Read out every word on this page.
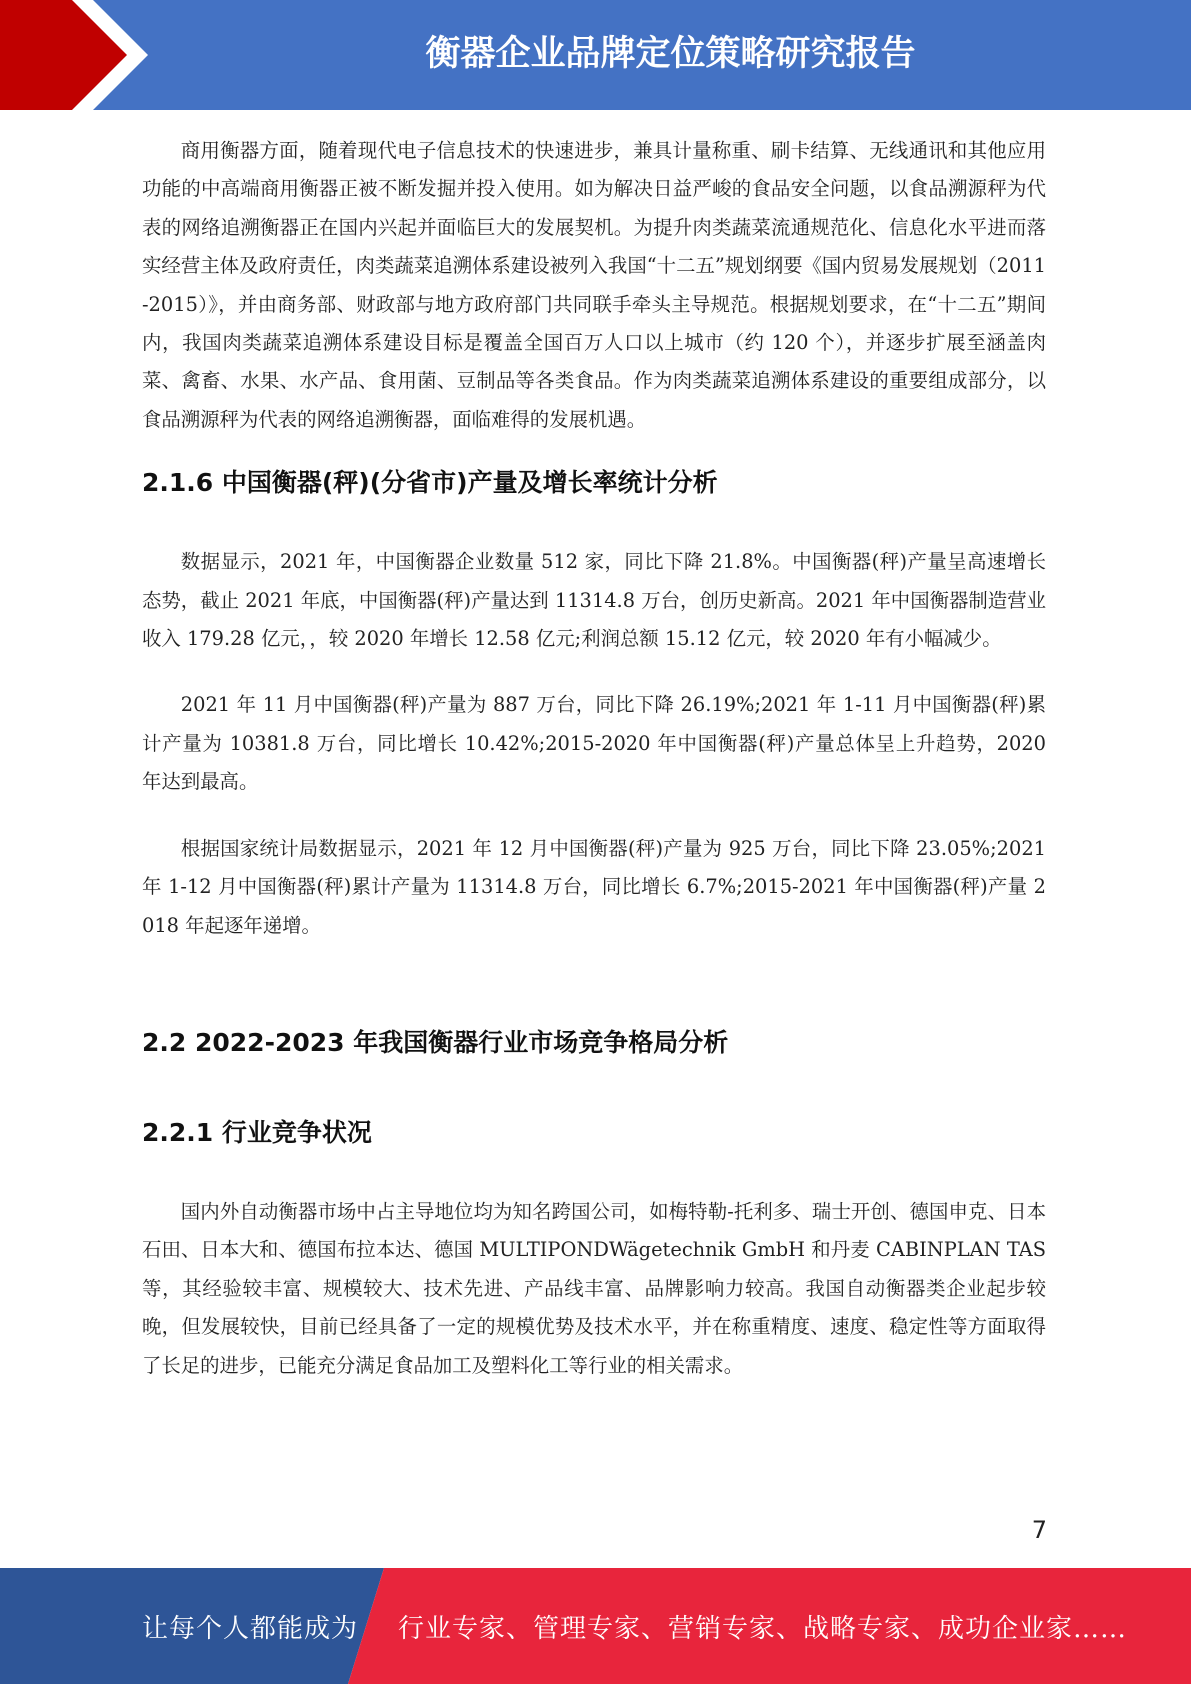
衡器企业品牌定位策略研究报告

商用衡器方面，随着现代电子信息技术的快速进步，兼具计量称重、刷卡结算、无线通讯和其他应用功能的中高端商用衡器正被不断发掘并投入使用。如为解决日益严峻的食品安全问题，以食品溯源秤为代表的网络追溯衡器正在国内兴起并面临巨大的发展契机。为提升肉类蔬菜流通规范化、信息化水平进而落实经营主体及政府责任，肉类蔬菜追溯体系建设被列入我国“十二五”规划纲要《国内贸易发展规划（2011-2015）》，并由商务部、财政部与地方政府部门共同联手牵头主导规范。根据规划要求，在“十二五”期间内，我国肉类蔬菜追溯体系建设目标是覆盖全国百万人口以上城市（约 120 个），并逐步扩展至涵盖肉菜、禽畜、水果、水产品、食用菌、豆制品等各类食品。作为肉类蔬菜追溯体系建设的重要组成部分，以食品溯源秤为代表的网络追溯衡器，面临难得的发展机遇。

2.1.6 中国衡器(秤)(分省市)产量及增长率统计分析

数据显示，2021 年，中国衡器企业数量 512 家，同比下降 21.8%。中国衡器(秤)产量呈高速增长态势，截止 2021 年底，中国衡器(秤)产量达到 11314.8 万台，创历史新高。2021 年中国衡器制造营业收入 179.28 亿元，，较 2020 年增长 12.58 亿元;利润总额 15.12 亿元，较 2020 年有小幅减少。

2021 年 11 月中国衡器(秤)产量为 887 万台，同比下降 26.19%;2021 年 1-11 月中国衡器(秤)累计产量为 10381.8 万台，同比增长 10.42%;2015-2020 年中国衡器(秤)产量总体呈上升趋势，2020 年达到最高。

根据国家统计局数据显示，2021 年 12 月中国衡器(秤)产量为 925 万台，同比下降 23.05%;2021 年 1-12 月中国衡器(秤)累计产量为 11314.8 万台，同比增长 6.7%;2015-2021 年中国衡器(秤)产量 2018 年起逐年递增。

2.2 2022-2023 年我国衡器行业市场竞争格局分析
2.2.1 行业竞争状况

国内外自动衡器市场中占主导地位均为知名跨国公司，如梅特勒-托利多、瑞士开创、德国申克、日本石田、日本大和、德国布拉本达、德国 MULTIPONDWägetechnik GmbH 和丹麦 CABINPLAN TAS 等，其经验较丰富、规模较大、技术先进、产品线丰富、品牌影响力较高。我国自动衡器类企业起步较晚，但发展较快，目前已经具备了一定的规模优势及技术水平，并在称重精度、速度、稳定性等方面取得了长足的进步，已能充分满足食品加工及塑料化工等行业的相关需求。

7
让每个人都能成为 行业专家、管理专家、营销专家、战略专家、成功企业家……
